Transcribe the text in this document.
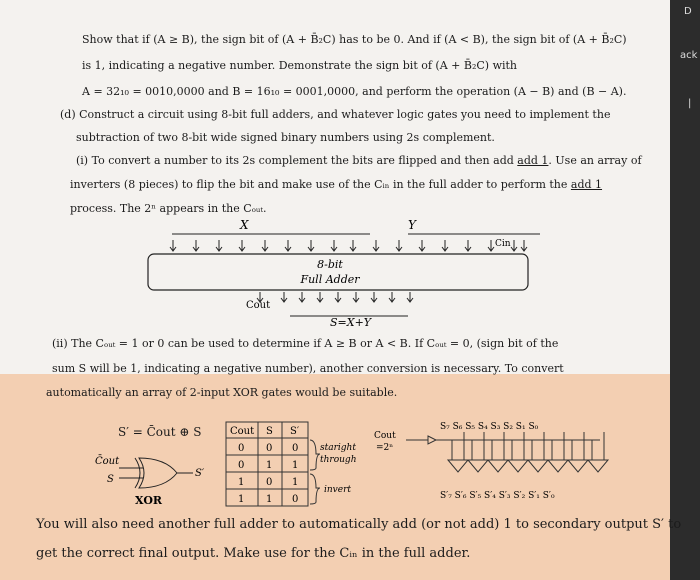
D
ack
|
Show that if (A ≥ B), the sign bit of (A + B̄₂C) has to be 0. And if (A < B), the sign bit of (A + B̄₂C)
is 1, indicating a negative number. Demonstrate the sign bit of (A + B̄₂C) with
A = 32₁₀ = 0010,0000 and B = 16₁₀ = 0001,0000, and perform the operation (A − B) and (B − A).
(d) Construct a circuit using 8-bit full adders, and whatever logic gates you need to implement the
subtraction of two 8-bit wide signed binary numbers using 2s complement.
(i) To convert a number to its 2s complement the bits are flipped and then add add 1. Use an array of
inverters (8 pieces) to flip the bit and make use of the Cᵢₙ in the full adder to perform the add 1
process. The 2ⁿ appears in the Cₒᵤₜ.
X	Y
Cin
8-bit
Full Adder
Cout
S=X+Y
(ii) The Cₒᵤₜ = 1 or 0 can be used to determine if A ≥ B or A < B. If Cₒᵤₜ = 0, (sign bit of the
sum S will be 1, indicating a negative number), another conversion is necessary. To convert
automatically an array of 2-input XOR gates would be suitable.
S′ = C̄out ⊕ S
C̄out
S
S′
XOR
Cout S S′
0 0 0
0 1 1
1 0 1
1 1 0
staright
through
invert
Cout
=2ⁿ
S₇ S₆ S₅ S₄ S₃ S₂ S₁ S₀
S′₇ S′₆ S′₅ S′₄ S′₃ S′₂ S′₁ S′₀
You will also need another full adder to automatically add (or not add) 1 to secondary output S′ to
get the correct final output. Make use for the Cᵢₙ in the full adder.
